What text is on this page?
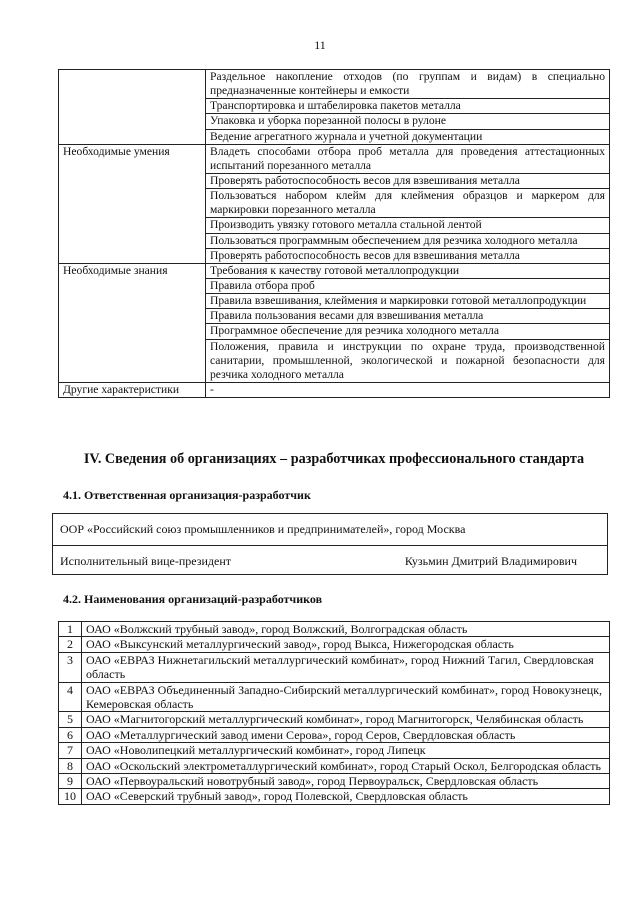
11
	Раздельное накопление отходов (по группам и видам) в специально предназначенные контейнеры и емкости
	Транспортировка и штабелировка пакетов металла
	Упаковка и уборка порезанной полосы в рулоне
	Ведение агрегатного журнала и учетной документации
Необходимые умения	Владеть способами отбора проб металла для проведения аттестационных испытаний порезанного металла
	Проверять работоспособность весов для взвешивания металла
	Пользоваться набором клейм для клеймения образцов и маркером для маркировки порезанного металла
	Производить увязку готового металла стальной лентой
	Пользоваться программным обеспечением для резчика холодного металла
	Проверять работоспособность весов для взвешивания металла
Необходимые знания	Требования к качеству готовой металлопродукции
	Правила отбора проб
	Правила взвешивания, клеймения и маркировки готовой металлопродукции
	Правила пользования весами для взвешивания металла
	Программное обеспечение для резчика холодного металла
	Положения, правила и инструкции по охране труда, производственной санитарии, промышленной, экологической и пожарной безопасности для резчика холодного металла
Другие характеристики	-
IV. Сведения об организациях – разработчиках профессионального стандарта
4.1. Ответственная организация-разработчик
ООР «Российский союз промышленников и предпринимателей», город Москва
Исполнительный вице-президент	Кузьмин Дмитрий Владимирович
4.2. Наименования организаций-разработчиков
1	ОАО «Волжский трубный завод», город Волжский, Волгоградская область
2	ОАО «Выксунский металлургический завод», город Выкса, Нижегородская область
3	ОАО «ЕВРАЗ Нижнетагильский металлургический комбинат», город Нижний Тагил, Свердловская область
4	ОАО «ЕВРАЗ Объединенный Западно-Сибирский металлургический комбинат», город Новокузнецк, Кемеровская область
5	ОАО «Магнитогорский металлургический комбинат», город Магнитогорск, Челябинская область
6	ОАО «Металлургический завод имени Серова», город Серов, Свердловская область
7	ОАО «Новолипецкий металлургический комбинат», город Липецк
8	ОАО «Оскольский электрометаллургический комбинат», город Старый Оскол, Белгородская область
9	ОАО «Первоуральский новотрубный завод», город Первоуральск, Свердловская область
10	ОАО «Северский трубный завод», город Полевской, Свердловская область
